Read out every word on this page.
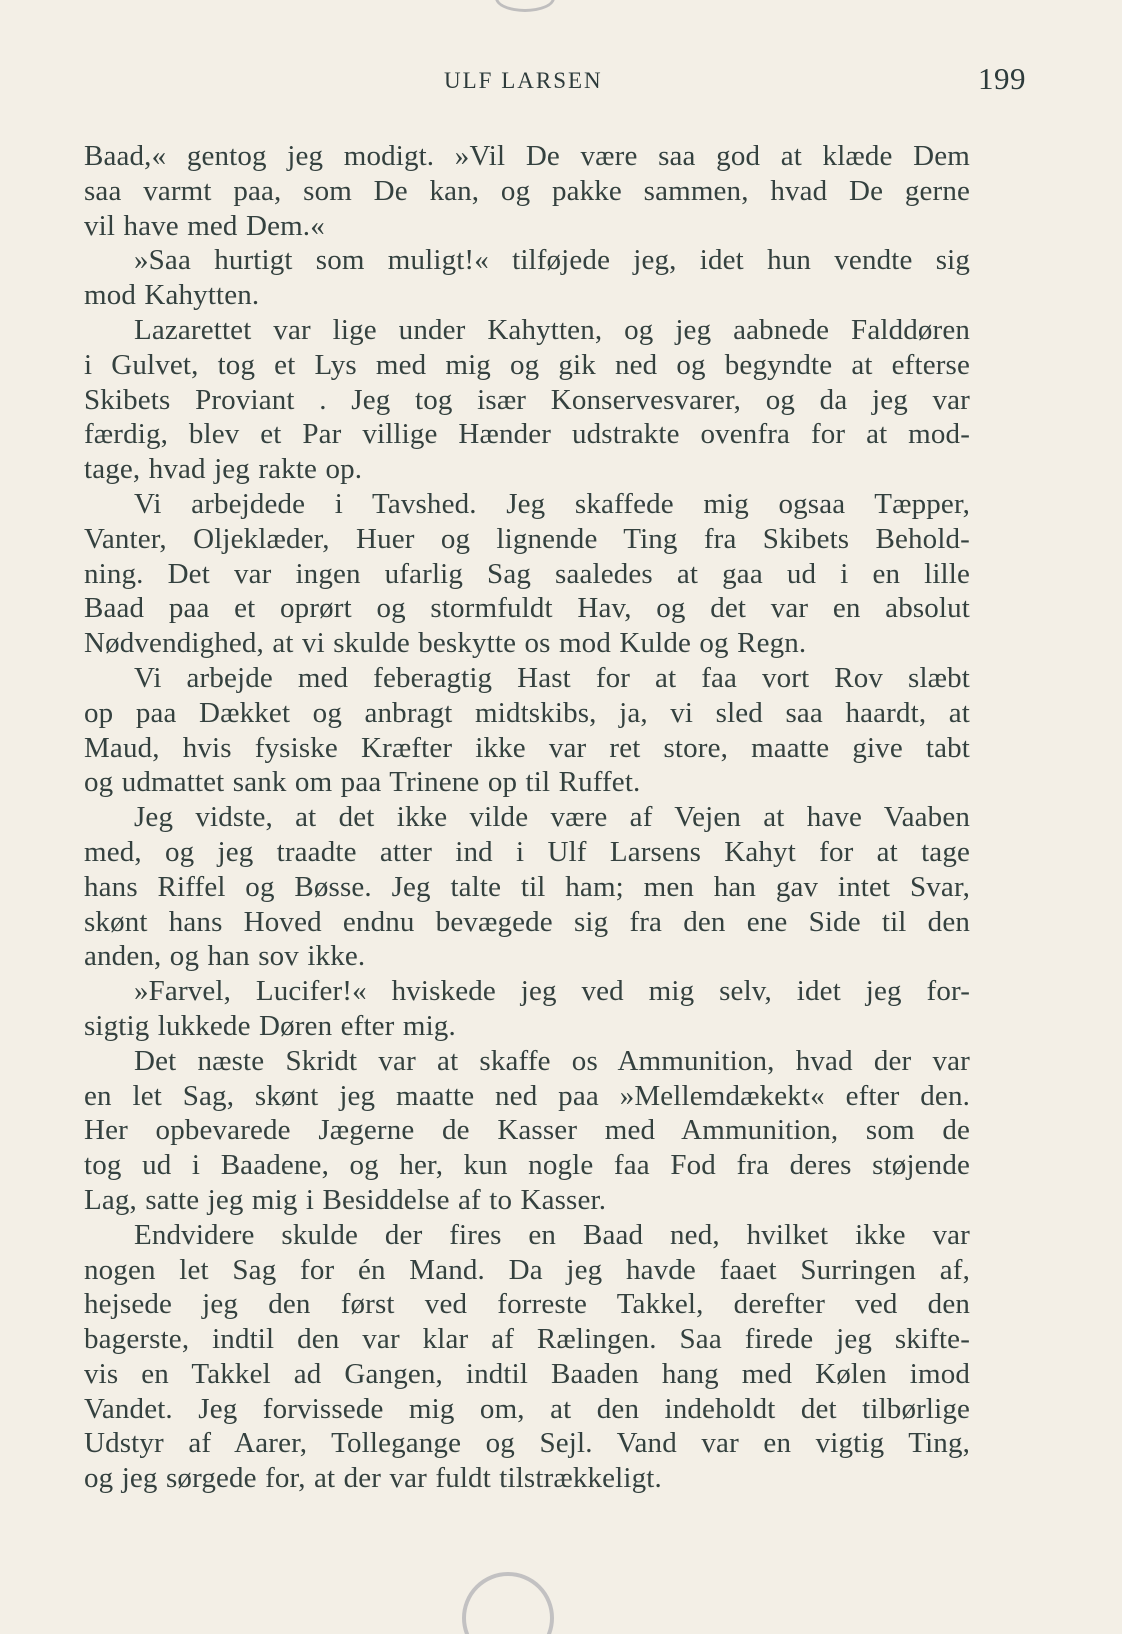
ULF LARSEN	199
Baad,« gentog jeg modigt. »Vil De være saa god at klæde Dem
saa varmt paa, som De kan, og pakke sammen, hvad De gerne
vil have med Dem.«
»Saa hurtigt som muligt!« tilføjede jeg, idet hun vendte sig
mod Kahytten.
Lazarettet var lige under Kahytten, og jeg aabnede Falddøren
i Gulvet, tog et Lys med mig og gik ned og begyndte at efterse
Skibets Proviant . Jeg tog især Konservesvarer, og da jeg var
færdig, blev et Par villige Hænder udstrakte ovenfra for at mod-
tage, hvad jeg rakte op.
Vi arbejdede i Tavshed. Jeg skaffede mig ogsaa Tæpper,
Vanter, Oljeklæder, Huer og lignende Ting fra Skibets Behold-
ning. Det var ingen ufarlig Sag saaledes at gaa ud i en lille
Baad paa et oprørt og stormfuldt Hav, og det var en absolut
Nødvendighed, at vi skulde beskytte os mod Kulde og Regn.
Vi arbejde med feberagtig Hast for at faa vort Rov slæbt
op paa Dækket og anbragt midtskibs, ja, vi sled saa haardt, at
Maud, hvis fysiske Kræfter ikke var ret store, maatte give tabt
og udmattet sank om paa Trinene op til Ruffet.
Jeg vidste, at det ikke vilde være af Vejen at have Vaaben
med, og jeg traadte atter ind i Ulf Larsens Kahyt for at tage
hans Riffel og Bøsse. Jeg talte til ham; men han gav intet Svar,
skønt hans Hoved endnu bevægede sig fra den ene Side til den
anden, og han sov ikke.
»Farvel, Lucifer!« hviskede jeg ved mig selv, idet jeg for-
sigtig lukkede Døren efter mig.
Det næste Skridt var at skaffe os Ammunition, hvad der var
en let Sag, skønt jeg maatte ned paa »Mellemdækekt« efter den.
Her opbevarede Jægerne de Kasser med Ammunition, som de
tog ud i Baadene, og her, kun nogle faa Fod fra deres støjende
Lag, satte jeg mig i Besiddelse af to Kasser.
Endvidere skulde der fires en Baad ned, hvilket ikke var
nogen let Sag for én Mand. Da jeg havde faaet Surringen af,
hejsede jeg den først ved forreste Takkel, derefter ved den
bagerste, indtil den var klar af Rælingen. Saa firede jeg skifte-
vis en Takkel ad Gangen, indtil Baaden hang med Kølen imod
Vandet. Jeg forvissede mig om, at den indeholdt det tilbørlige
Udstyr af Aarer, Tollegange og Sejl. Vand var en vigtig Ting,
og jeg sørgede for, at der var fuldt tilstrækkeligt.
